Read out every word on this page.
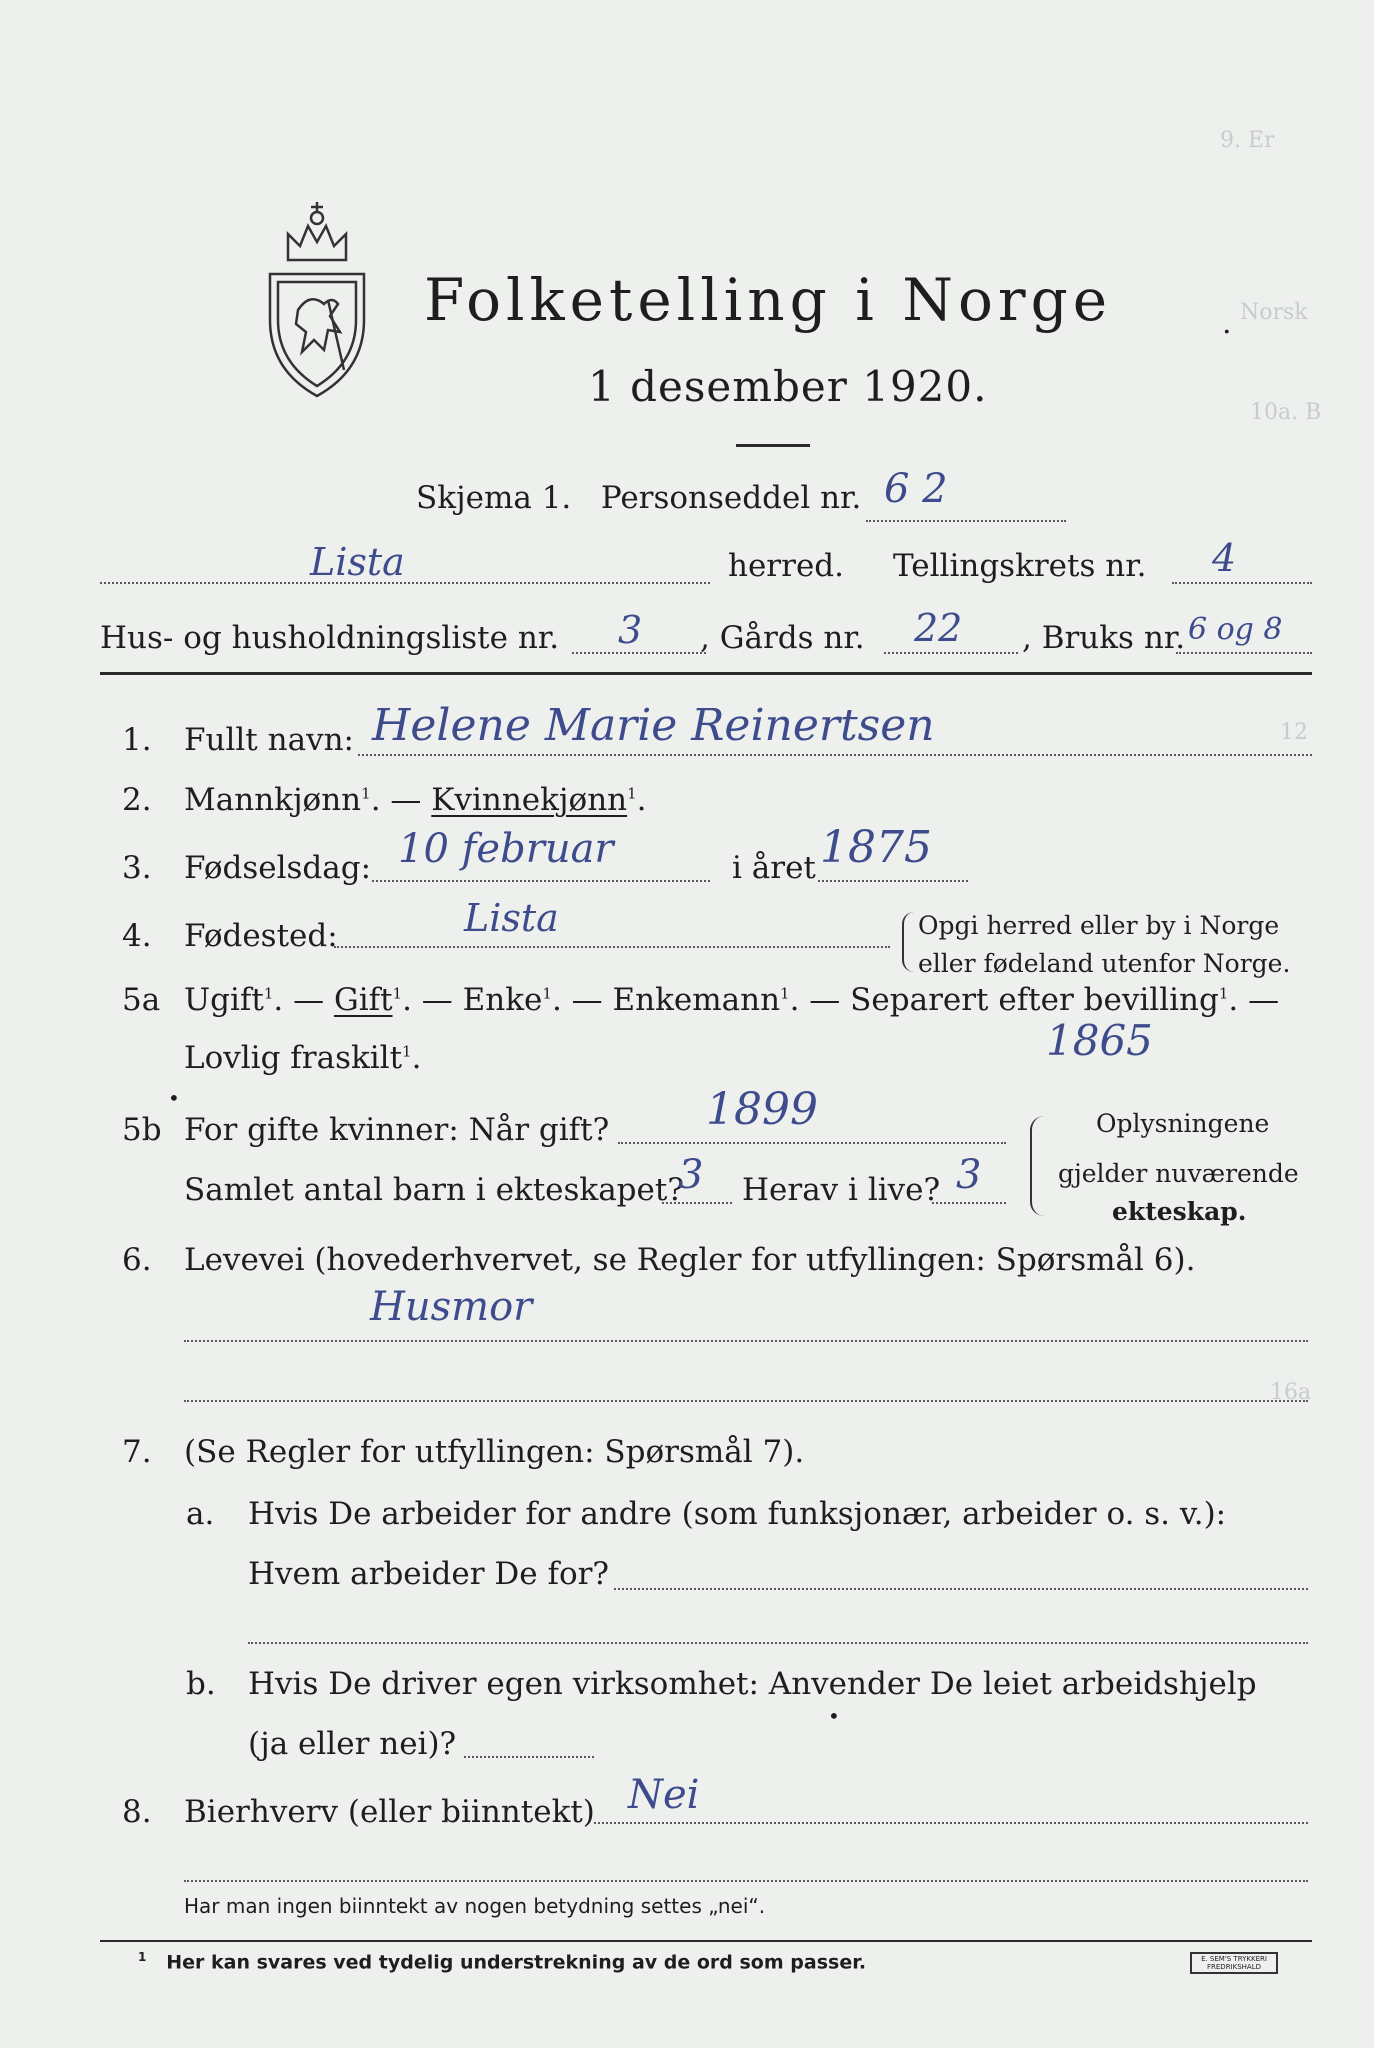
9. Er
Norsk
10a. B
12
16a
Folketelling i Norge	.
1 desember 1920.
Skjema 1. Personseddel nr. 6 2
Lista	herred. Tellingskrets nr. 4
Hus- og husholdningsliste nr. 3 , Gårds nr. 22 , Bruks nr. 6 og 8
1. Fullt navn: Helene Marie Reinertsen
2. Mannkjønn$^1$. — Kvinnekjønn$^1$.
3. Fødselsdag: 10 februar	i året 1875
4. Fødested:	Lista	Opgi herred eller by i Norge
eller fødeland utenfor Norge.
5a Ugift$^1$. — Gift$^1$. — Enke$^1$. — Enkemann$^1$. — Separert efter bevilling$^1$. —
Lovlig fraskilt$^1$.	1865
•
5b For gifte kvinner: Når gift? 1899
Samlet antal barn i ekteskapet?
3 Herav i live? 3
Oplysningene
gjelder nuværende
ekteskap.
6. Levevei (hovederhvervet, se Regler for utfyllingen: Spørsmål 6).
Husmor
7. (Se Regler for utfyllingen: Spørsmål 7).
a. Hvis De arbeider for andre (som funksjonær, arbeider o. s. v.):
Hvem arbeider De for?
b. Hvis De driver egen virksomhet: Anvender De leiet arbeidshjelp
(ja eller nei)?
•
8. Bierhverv (eller biinntekt) Nei
Har man ingen biinntekt av nogen betydning settes „nei“.
$^1$ Her kan svares ved tydelig understrekning av de ord som passer.	E. SEM'S TRYKKERI FREDRIKSHALD
